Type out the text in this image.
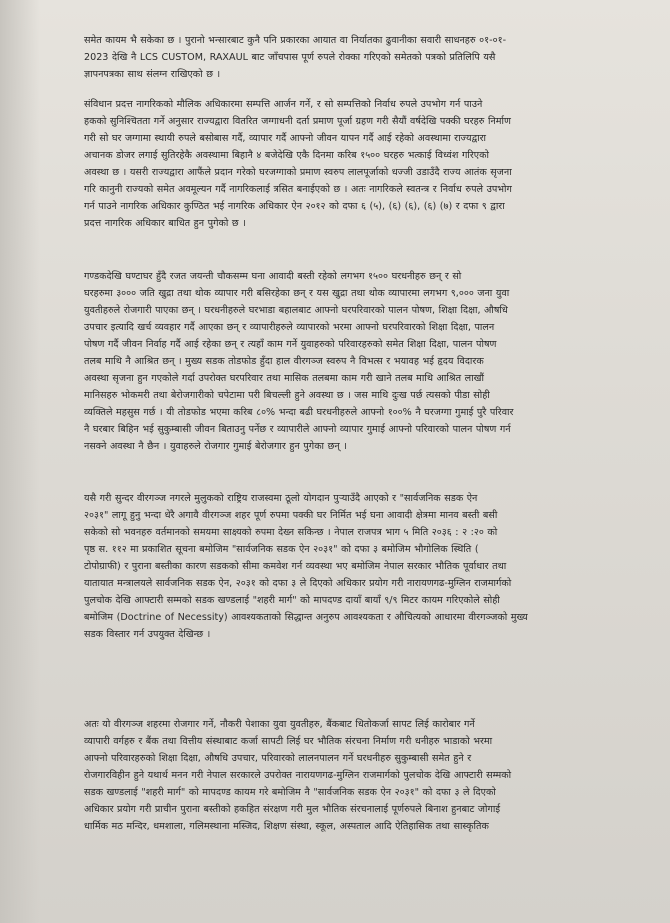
समेत कायम भै सकेका छ । पुरानो भन्सारबाट कुनै पनि प्रकारका आयात वा निर्यातका ढुवानीका सवारी साधनहरु ०१-०१-
2023 देखि नै LCS CUSTOM, RAXAUL बाट जाँचपास पूर्ण रुपले रोक्का गरिएको समेतको पत्रको प्रतिलिपि यसै
ज्ञापनपत्रका साथ संलग्न राखिएको छ ।

संविधान प्रदत्त नागरिकको मौलिक अधिकारमा सम्पत्ति आर्जन गर्ने, र सो सम्पत्तिको निर्वाध रुपले उपभोग गर्न पाउने
हकको सुनिश्चितता गर्ने अनुसार राज्यद्वारा वितरित जग्गाधनी दर्ता प्रमाण पूर्जा ग्रहण गरी सैयौं वर्षदेखि पक्की घरहरु निर्माण
गरी सो घर जग्गामा स्थायी रुपले बसोबास गर्दै, व्यापार गर्दै आफ्नो जीवन यापन गर्दै आई रहेको अवस्थामा राज्यद्वारा
अचानक डोजर लगाई सुतिरहेकै अवस्थामा बिहानै ४ बजेदेखि एकै दिनमा करिब १५०० घरहरु भत्काई विध्वंश गरिएको
अवस्था छ । यसरी राज्यद्वारा आफैंले प्रदान गरेको घरजग्गाको प्रमाण स्वरुप लालपूर्जाको धज्जी उडाउँदै राज्य आतंक सृजना
गरि कानुनी राज्यको समेत अवमूल्यन गर्दै नागरिकलाई त्रसित बनाईएको छ । अतः नागरिकले स्वतन्त्र र निर्वाध रुपले उपभोग
गर्न पाउने नागरिक अधिकार कुण्ठित भई नागरिक अधिकार ऐन २०१२ को दफा ६ (५), (६) (६), (६) (७) र दफा ९ द्वारा
प्रदत्त नागरिक अधिकार बाधित हुन पुगेको छ ।

गण्डकदेखि घण्टाघर हुँदै रजत जयन्ती चौकसम्म घना आवादी बस्ती रहेको लगभग १५०० घरधनीहरु छन् र सो
घरहरुमा ३००० जति खुद्रा तथा थोक व्यापार गरी बसिरहेका छन् र यस खुद्रा तथा थोक व्यापारमा लगभग ९,००० जना युवा
युवतीहरुले रोजगारी पाएका छन् । घरधनीहरुले घरभाडा बहालबाट आफ्नो घरपरिवारको पालन पोषण, शिक्षा दिक्षा, औषधि
उपचार इत्यादि खर्च व्यवहार गर्दै आएका छन् र व्यापारीहरुले व्यापारको भरमा आफ्नो घरपरिवारको शिक्षा दिक्षा, पालन
पोषण गर्दै जीवन निर्वाह गर्दै आई रहेका छन् र त्यहाँ काम गर्ने युवाहरुको परिवारहरुको समेत शिक्षा दिक्षा, पालन पोषण
तलब माथि नै आश्रित छन् । मुख्य सडक तोडफोड हुँदा हाल वीरगञ्ज स्वरुप नै विभत्स र भयावह भई हृदय विदारक
अवस्था सृजना हुन गएकोले गर्दा उपरोक्त घरपरिवार तथा मासिक तलबमा काम गरी खाने तलब माथि आश्रित लाखौं
मानिसहरु भोकमरी तथा बेरोजगारीको चपेटामा परी बिचल्ली हुने अवस्था छ । जस माथि दुःख पर्छ त्यसको पीडा सोही
व्यक्तिले महसुस गर्छ । यी तोडफोड भएमा करिब ८०% भन्दा बढी घरधनीहरुले आफ्नो १००% नै घरजग्गा गुमाई पुरै परिवार
नै घरबार बिहिन भई सुकुम्बासी जीवन बिताउनु पर्नेछ र व्यापारीले आफ्नो व्यापार गुमाई आफ्नो परिवारको पालन पोषण गर्न
नसक्ने अवस्था नै छैन । युवाहरुले रोजगार गुमाई बेरोजगार हुन पुगेका छन् ।

यसै गरी सुन्दर वीरगञ्ज नगरले मुलुकको राष्ट्रिय राजस्वमा ठूलो योगदान पुऱ्याउँदै आएको र "सार्वजनिक सडक ऐन
२०३१" लागू हुनु भन्दा धेरै अगावै वीरगञ्ज शहर पूर्ण रुपमा पक्की घर निर्मित भई घना आवादी क्षेत्रमा मानव बस्ती बसी
सकेको सो भवनहरु वर्तमानको समयमा साक्ष्यको रुपमा देख्न सकिन्छ । नेपाल राजपत्र भाग ५ मिति २०३६ : २ :२० को
पृष्ठ स. ११२ मा प्रकाशित सूचना बमोजिम "सार्वजनिक सडक ऐन २०३१" को दफा ३ बमोजिम भौगोलिक स्थिति (
टोपोग्राफी) र पुराना बस्तीका कारण सडकको सीमा कमवेश गर्न व्यवस्था भए बमोजिम नेपाल सरकार भौतिक पूर्वाधार तथा
यातायात मन्त्रालयले सार्वजनिक सडक ऐन, २०३१ को दफा ३ ले दिएको अधिकार प्रयोग गरी नारायणगढ-मुग्लिन राजमार्गको
पुलचोक देखि आफ्टारी सम्मको सडक खण्डलाई "शहरी मार्ग" को मापदण्ड दायाँ बायाँ ९/९ मिटर कायम गरिएकोले सोही
बमोजिम (Doctrine of Necessity) आवश्यकताको सिद्धान्त अनुरुप आवश्यकता र औचित्यको आधारमा वीरगञ्जको मुख्य
सडक विस्तार गर्न उपयुक्त देखिन्छ ।

अतः यो वीरगञ्ज शहरमा रोजगार गर्ने, नौकरी पेशाका युवा युवतीहरु, बैंकबाट धितोकर्जा सापट लिई कारोबार गर्ने
व्यापारी वर्गहरु र बैंक तथा वित्तीय संस्थाबाट कर्जा सापटी लिई घर भौतिक संरचना निर्माण गरी धनीहरु भाडाको भरमा
आफ्नो परिवारहरुको शिक्षा दिक्षा, औषधि उपचार, परिवारको लालनपालन गर्ने घरधनीहरु सुकुम्बासी समेत हुने र
रोजगारविहीन हुने यथार्थ मनन गरी नेपाल सरकारले उपरोक्त नारायणगढ-मुग्लिन राजमार्गको पुलचोक देखि आफ्टारी सम्मको
सडक खण्डलाई "शहरी मार्ग" को मापदण्ड कायम गरे बमोजिम नै "सार्वजनिक सडक ऐन २०३१" को दफा ३ ले दिएको
अधिकार प्रयोग गरी प्राचीन पुराना बस्तीको हकहित संरक्षण गरी मुल भौतिक संरचनालाई पूर्णरुपले बिनाश हुनबाट जोगाई
धार्मिक मठ मन्दिर, धमशाला, गलिमस्थाना मस्जिद, शिक्षण संस्था, स्कूल, अस्पताल आदि ऐतिहासिक तथा सास्कृतिक
